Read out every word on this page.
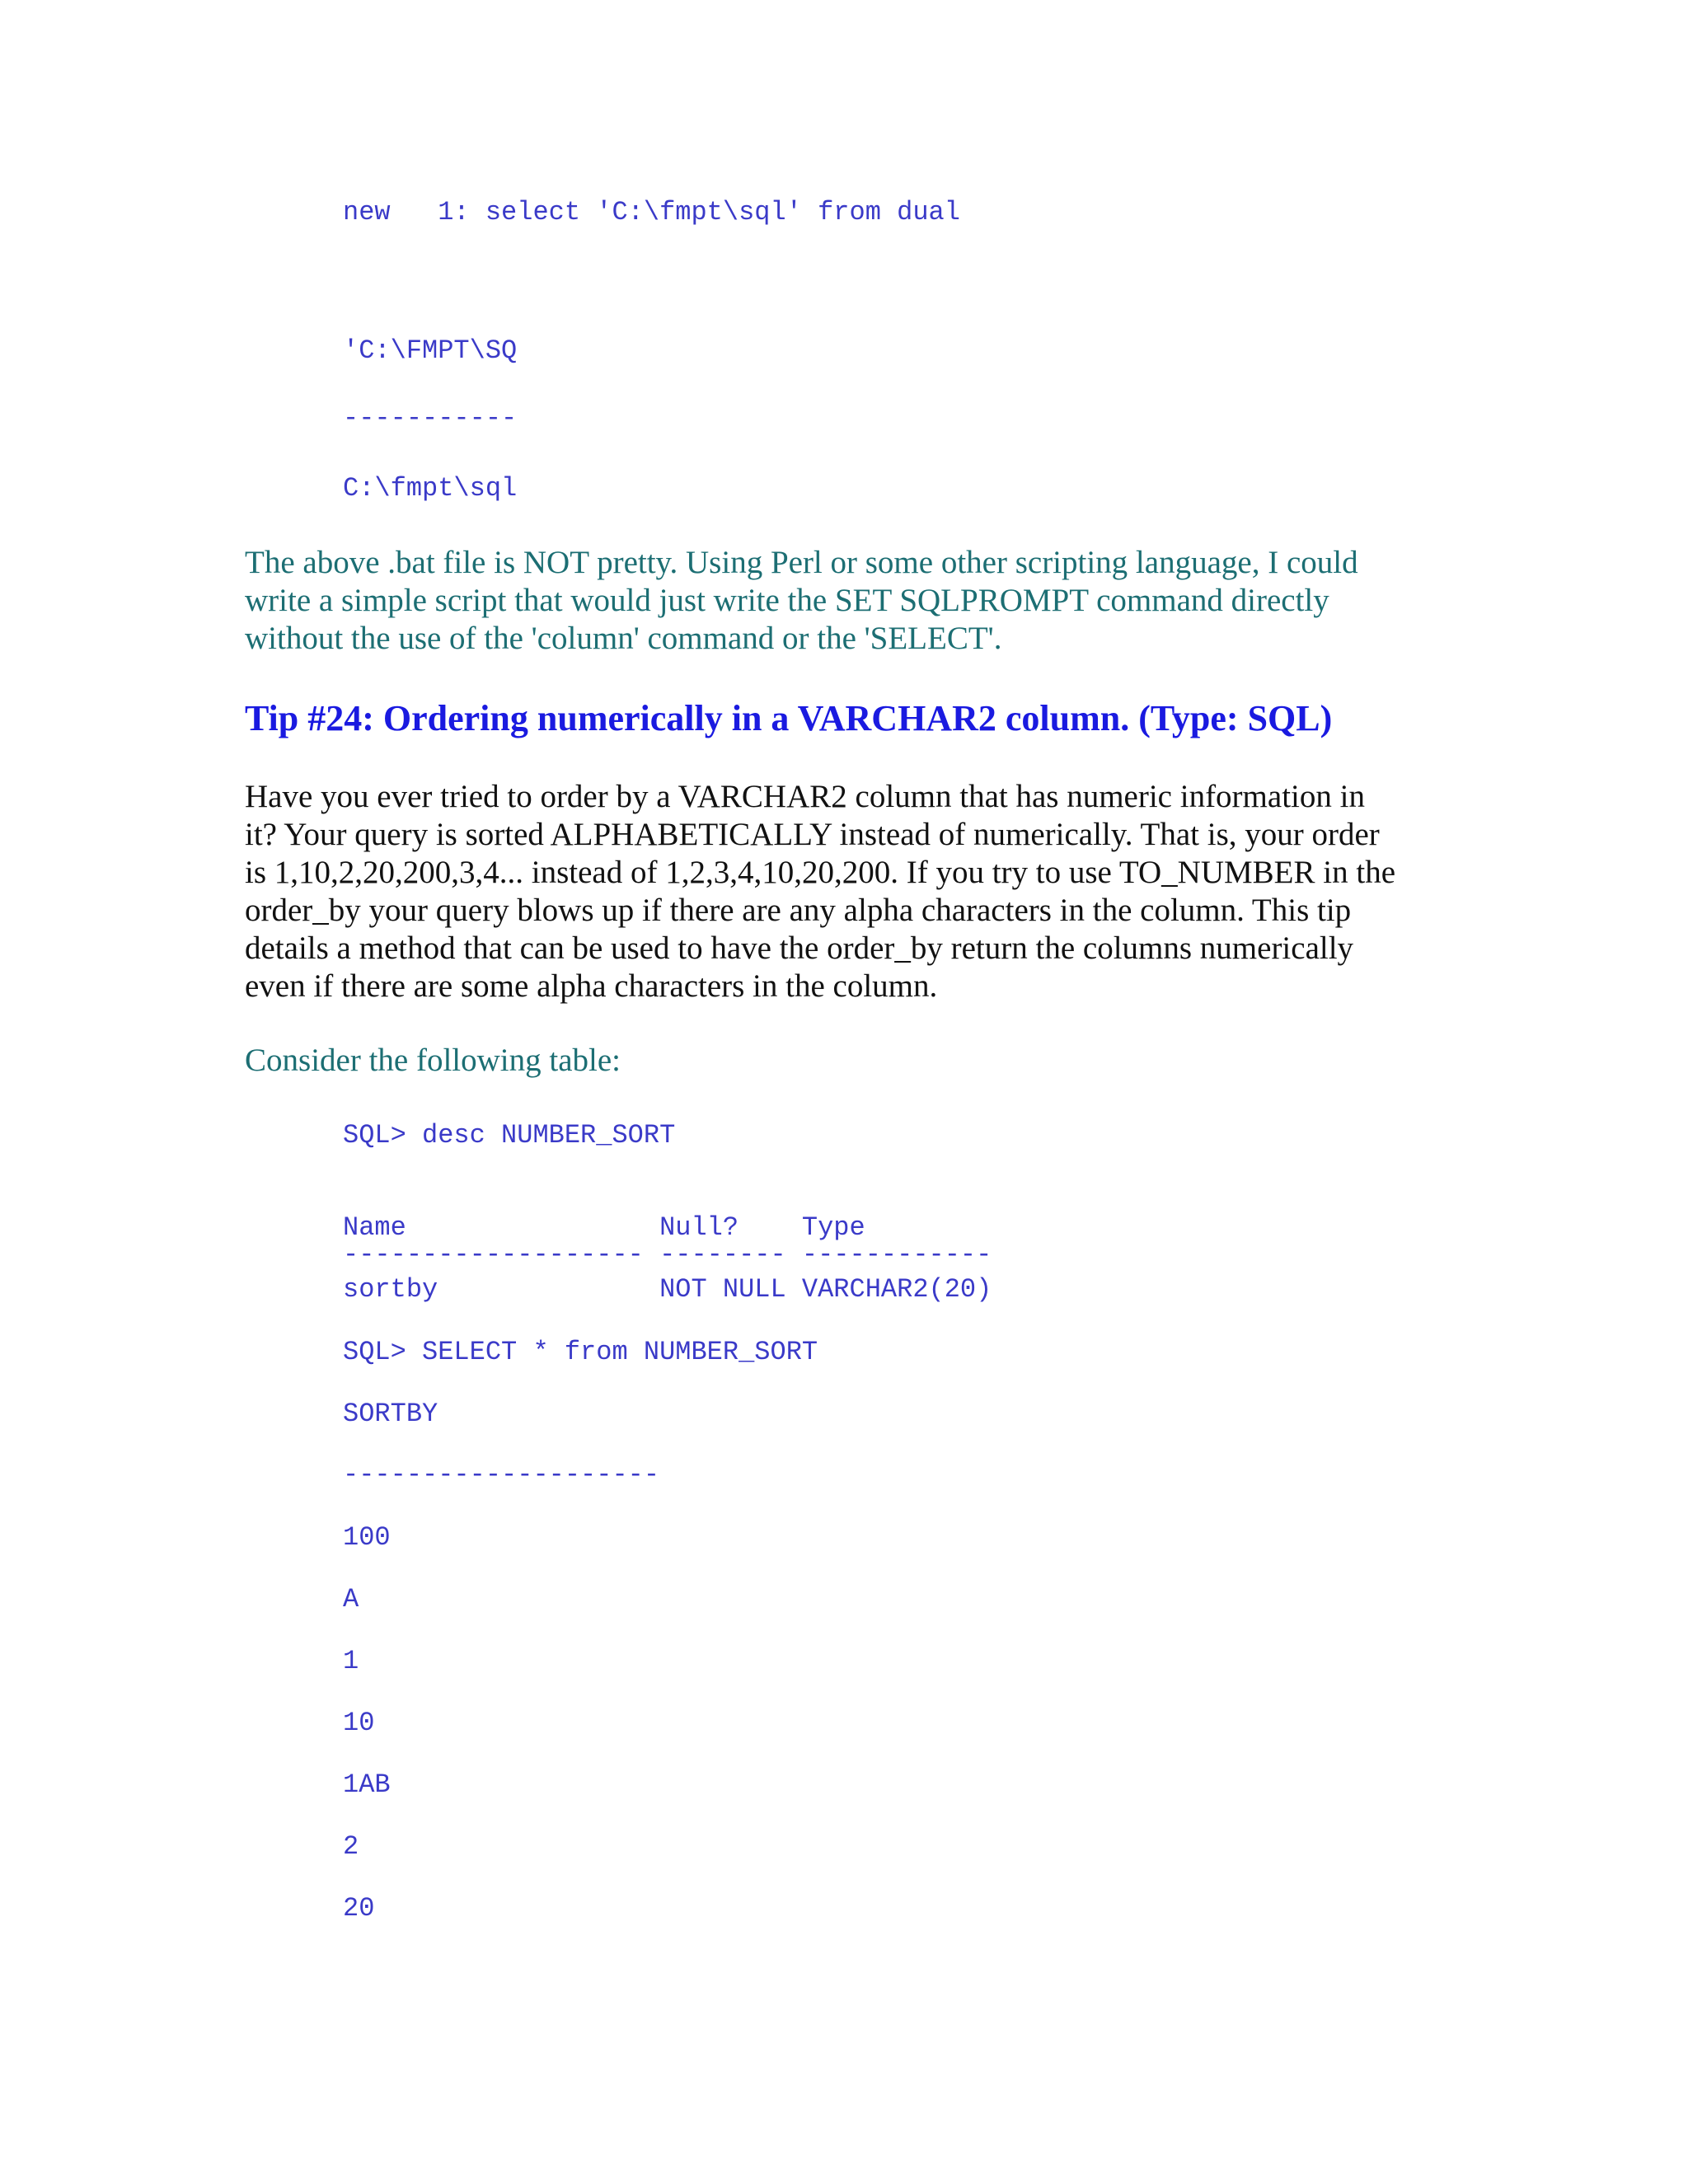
new   1: select 'C:\fmpt\sql' from dual
'C:\FMPT\SQ
-----------
C:\fmpt\sql
The above .bat file is NOT pretty. Using Perl or some other scripting language, I could
write a simple script that would just write the SET SQLPROMPT command directly
without the use of the 'column' command or the 'SELECT'.
Tip #24: Ordering numerically in a VARCHAR2 column. (Type: SQL)
Have you ever tried to order by a VARCHAR2 column that has numeric information in
it? Your query is sorted ALPHABETICALLY instead of numerically. That is, your order
is 1,10,2,20,200,3,4... instead of 1,2,3,4,10,20,200. If you try to use TO_NUMBER in the
order_by your query blows up if there are any alpha characters in the column. This tip
details a method that can be used to have the order_by return the columns numerically
even if there are some alpha characters in the column.
Consider the following table:
SQL> desc NUMBER_SORT
Name                Null?    Type
------------------- -------- ------------
sortby              NOT NULL VARCHAR2(20)
SQL> SELECT * from NUMBER_SORT
SORTBY
--------------------
100
A
1
10
1AB
2
20
